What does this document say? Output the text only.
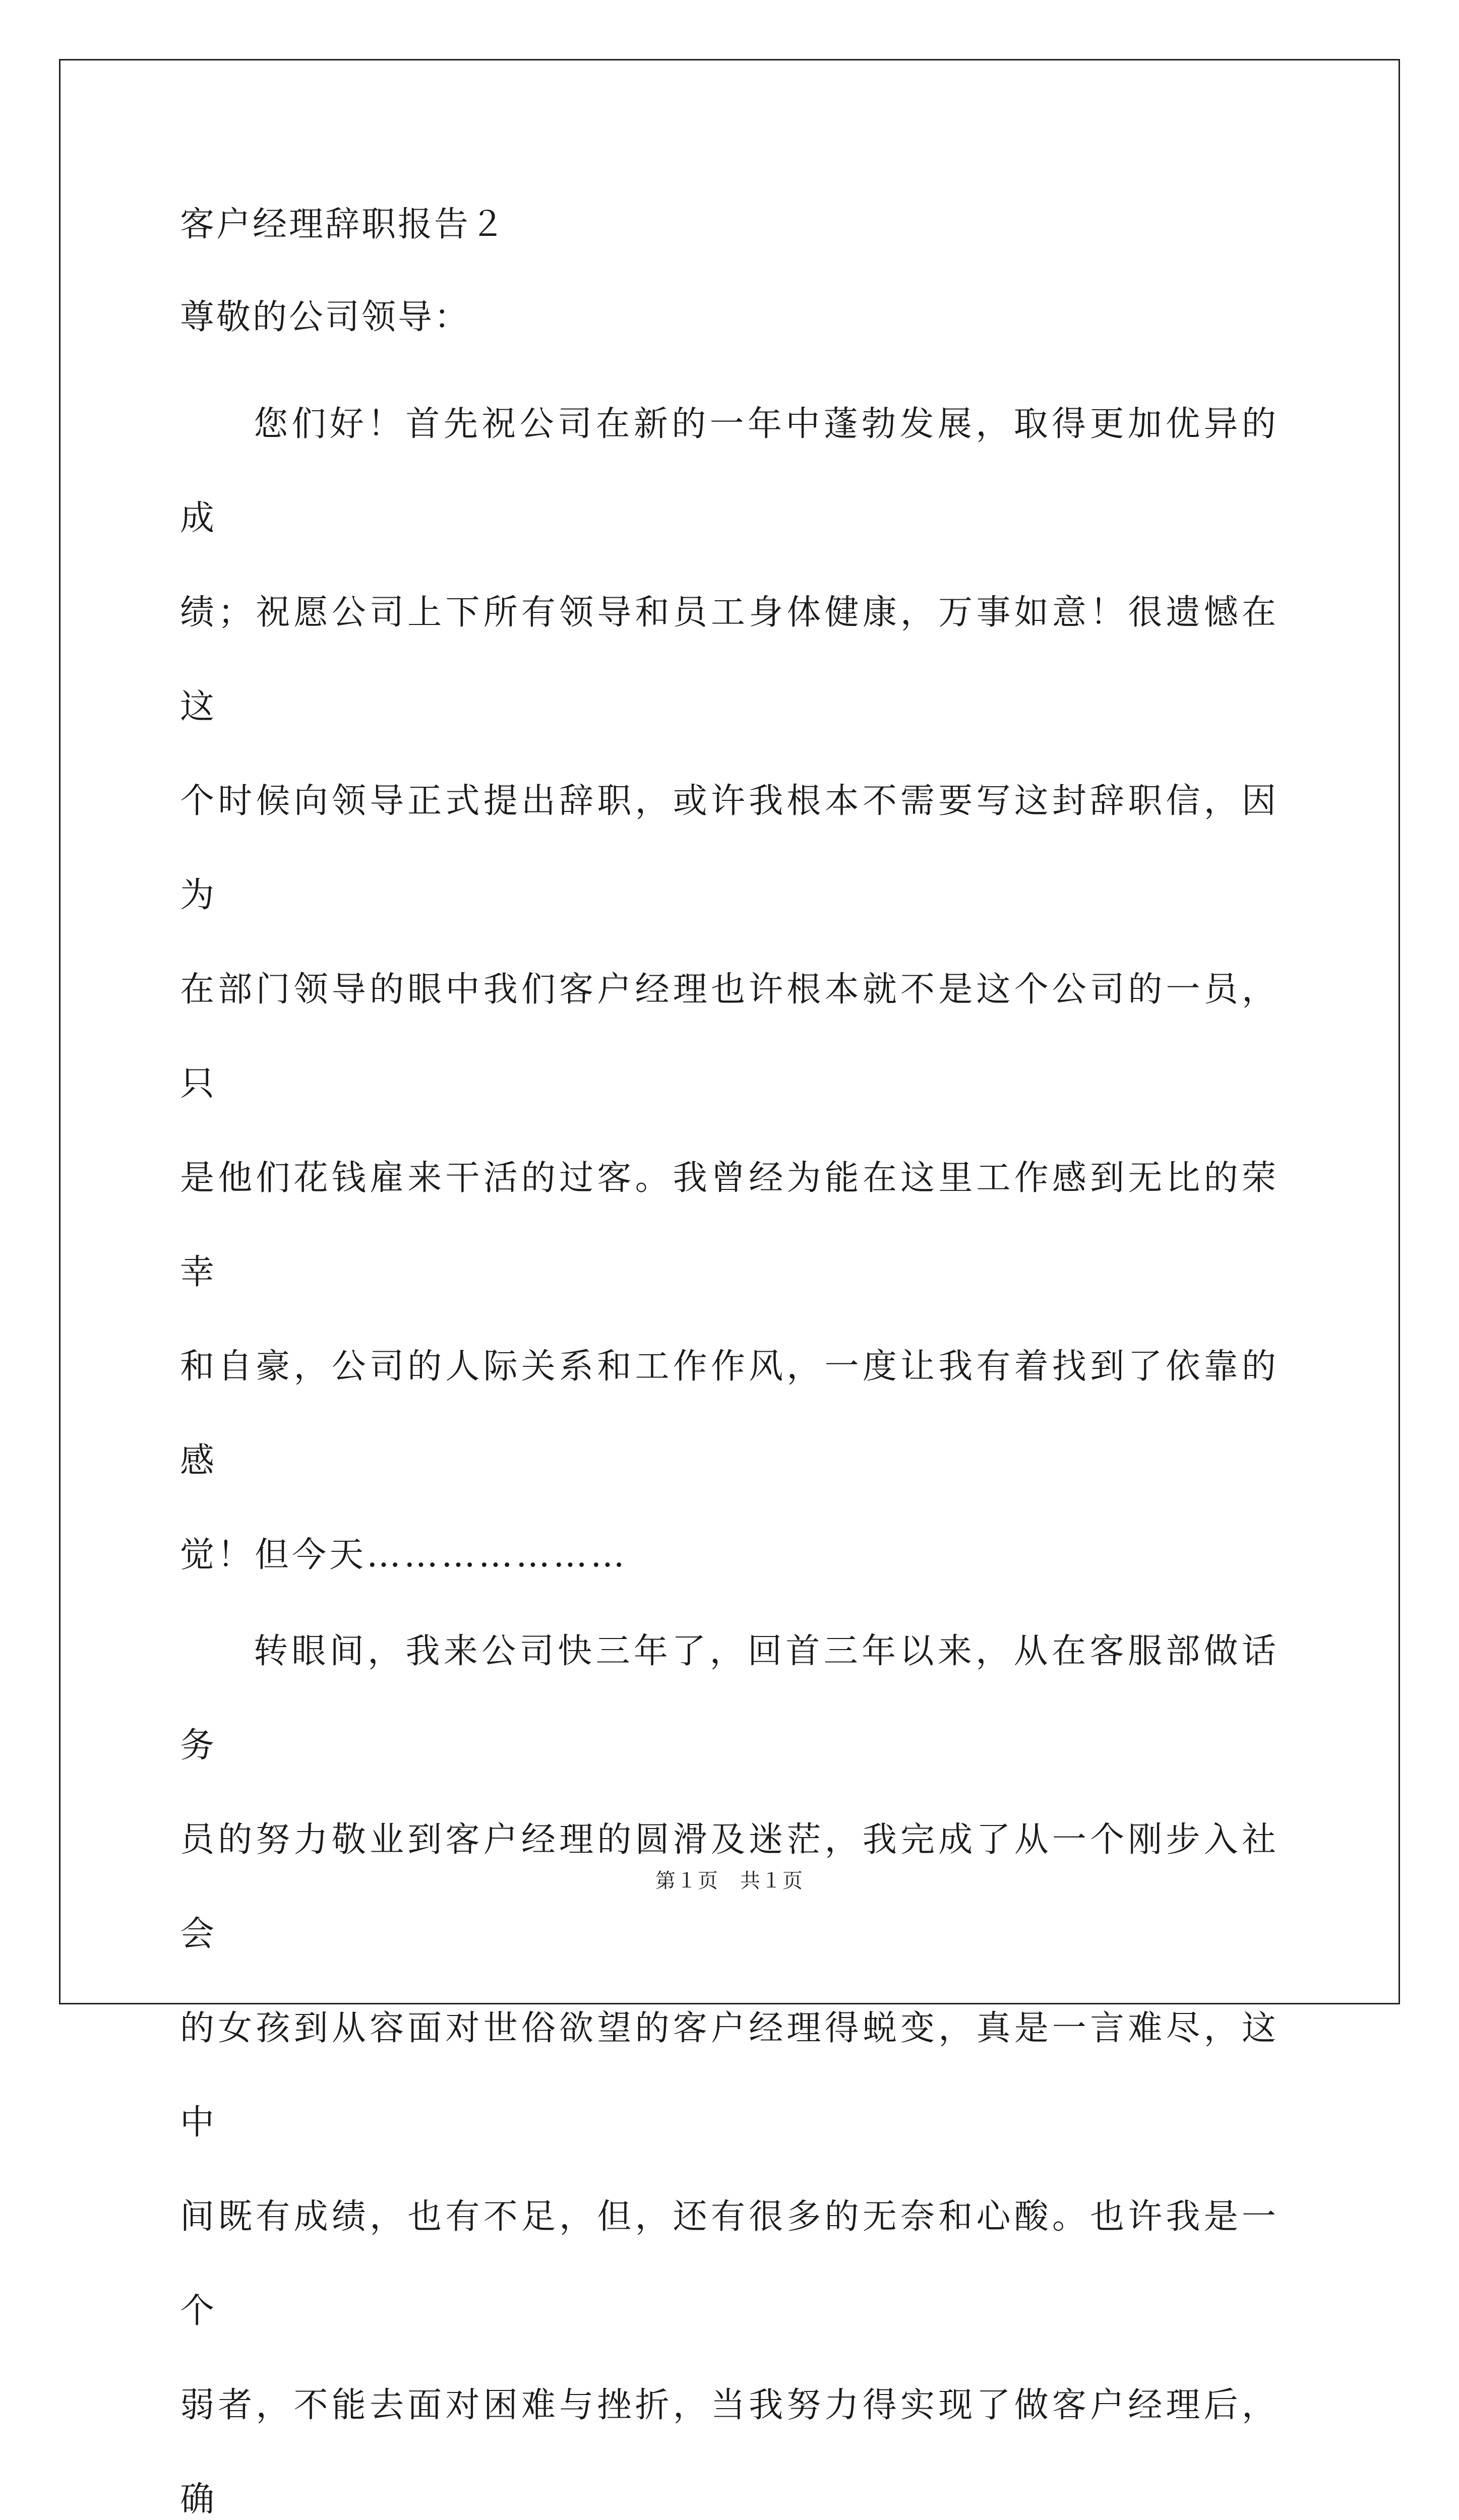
客户经理辞职报告２
尊敬的公司领导：
您们好！首先祝公司在新的一年中蓬勃发展，取得更加优异的成
绩；祝愿公司上下所有领导和员工身体健康，万事如意！很遗憾在这
个时候向领导正式提出辞职，或许我根本不需要写这封辞职信，因为
在部门领导的眼中我们客户经理也许根本就不是这个公司的一员，只
是他们花钱雇来干活的过客。我曾经为能在这里工作感到无比的荣幸
和自豪，公司的人际关系和工作作风，一度让我有着找到了依靠的感
觉！但今天…………………
转眼间，我来公司快三年了，回首三年以来，从在客服部做话务
员的努力敬业到客户经理的圆滑及迷茫，我完成了从一个刚步入社会
的女孩到从容面对世俗欲望的客户经理得蜕变，真是一言难尽，这中
间既有成绩，也有不足，但，还有很多的无奈和心酸。也许我是一个
弱者，不能去面对困难与挫折，当我努力得实现了做客户经理后，确
第１页　共１页
